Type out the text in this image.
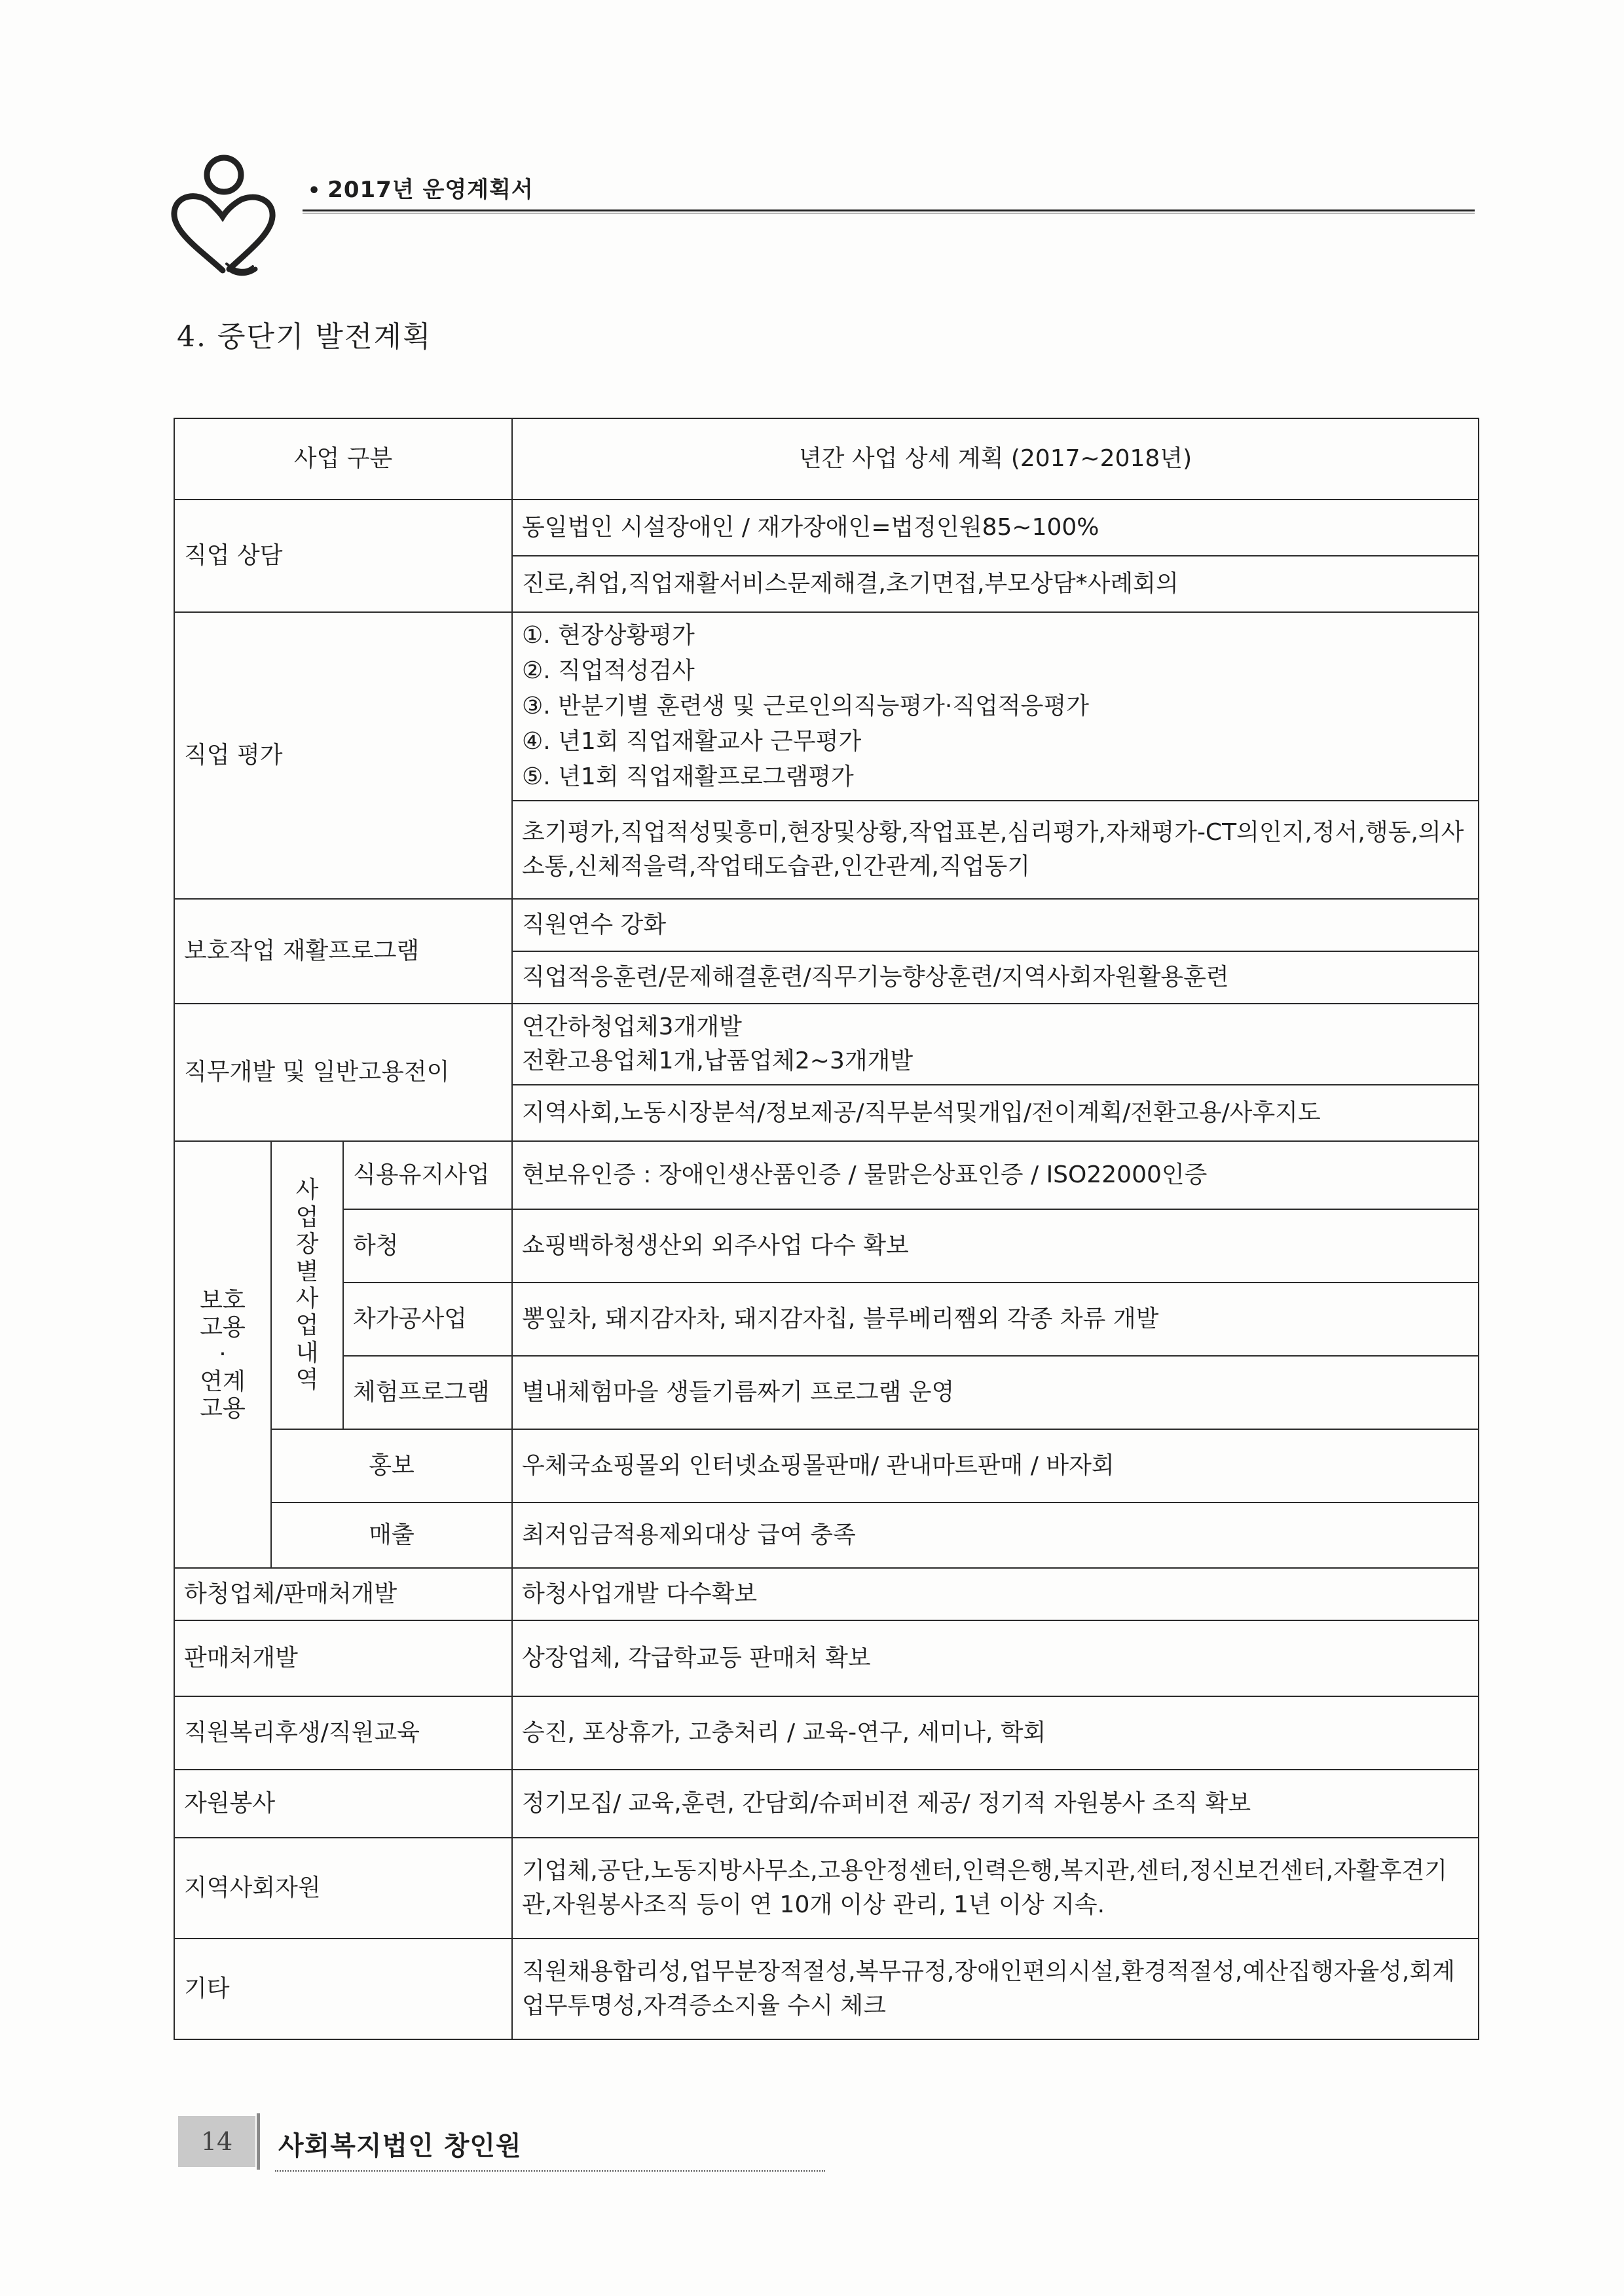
• 2017년 운영계획서
4. 중단기 발전계획
사업 구분			년간 사업 상세 계획 (2017~2018년)
직업 상담			동일법인 시설장애인 / 재가장애인=법정인원85~100%
			진로,취업,직업재활서비스문제해결,초기면접,부모상담*사례회의
직업 평가			①. 현장상황평가
②. 직업적성검사
③. 반분기별 훈련생 및 근로인의직능평가·직업적응평가
④. 년1회 직업재활교사 근무평가
⑤. 년1회 직업재활프로그램평가

			초기평가,직업적성및흥미,현장및상황,작업표본,심리평가,자채평가-CT의인지,정서,행동,의사소통,신체적을력,작업태도습관,인간관계,직업동기
보호작업 재활프로그램			직원연수 강화
			직업적응훈련/문제해결훈련/직무기능향상훈련/지역사회자원활용훈련
직무개발 및 일반고용전이			연간하청업체3개개발
전환고용업체1개,납품업체2~3개개발

			지역사회,노동시장분석/정보제공/직무분석및개입/전이계획/전환고용/사후지도

보호고용
·
연계고용	사업장별사업내역	식용유지사업	현보유인증 : 장애인생산품인증 / 물맑은상표인증 / ISO22000인증
		하청	쇼핑백하청생산외 외주사업 다수 확보
		차가공사업	뽕잎차, 돼지감자차, 돼지감자칩, 블루베리쨈외 각종 차류 개발
		체험프로그램	별내체험마을 생들기름짜기 프로그램 운영
	홍보		우체국쇼핑몰외 인터넷쇼핑몰판매/ 관내마트판매 / 바자회
	매출		최저임금적용제외대상 급여 충족
하청업체/판매처개발			하청사업개발 다수확보
판매처개발			상장업체, 각급학교등 판매처 확보
직원복리후생/직원교육			승진, 포상휴가, 고충처리 / 교육-연구, 세미나, 학회
자원봉사			정기모집/ 교육,훈련, 간담회/슈퍼비젼 제공/ 정기적 자원봉사 조직 확보
지역사회자원			기업체,공단,노동지방사무소,고용안정센터,인력은행,복지관,센터,정신보건센터,자활후견기관,자원봉사조직 등이 연 10개 이상 관리, 1년 이상 지속.
기타			직원채용합리성,업무분장적절성,복무규정,장애인편의시설,환경적절성,예산집행자율성,회계업무투명성,자격증소지율 수시 체크
14	사회복지법인 창인원
